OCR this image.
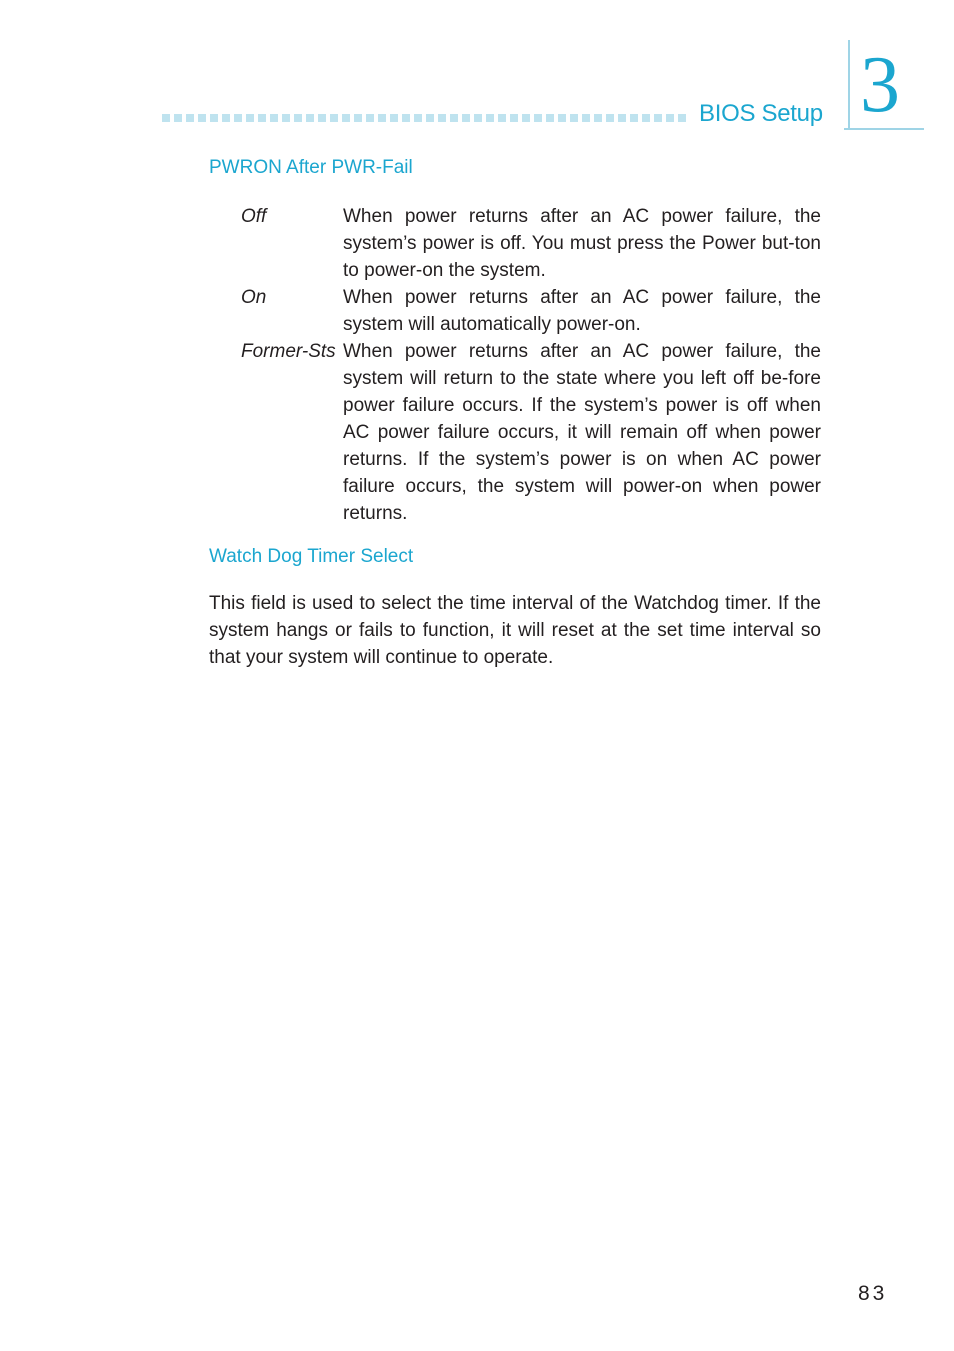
BIOS Setup 3
PWRON After PWR-Fail
Off	When power returns after an AC power failure, the system’s power is off. You must press the Power but-ton to power-on the system.
On	When power returns after an AC power failure, the system will automatically power-on.
Former-Sts When power returns after an AC power failure, the system will return to the state where you left off be-fore power failure occurs. If the system’s power is off when AC power failure occurs, it will remain off when power returns. If the system’s power is on when AC power failure occurs, the system will power-on when power returns.
Watch Dog Timer Select
This field is used to select the time interval of the Watchdog timer. If the system hangs or fails to function, it will reset at the set time interval so that your system will continue to operate.
83
